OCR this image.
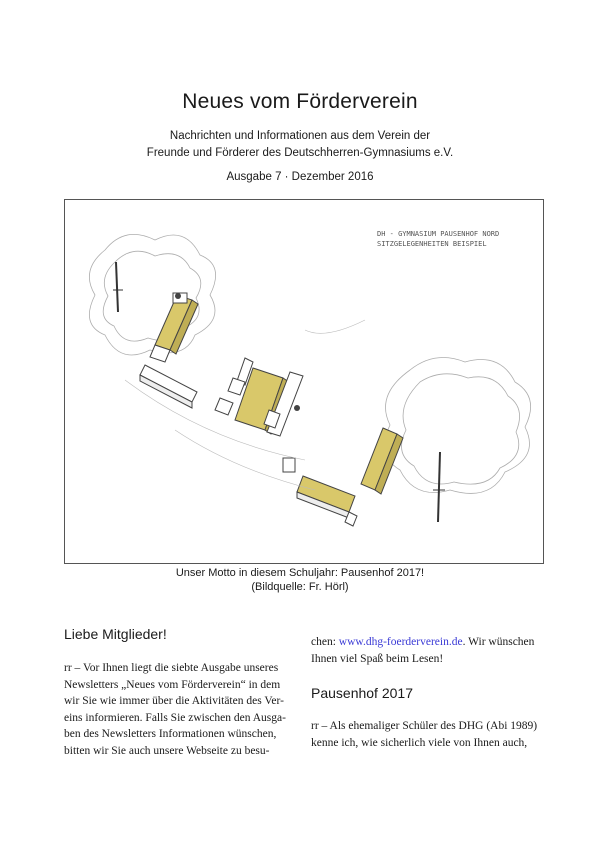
Neues vom Förderverein
Nachrichten und Informationen aus dem Verein der
Freunde und Förderer des Deutschherren-Gymnasiums e.V.
Ausgabe 7 · Dezember 2016
DH - GYMNASIUM PAUSENHOF NORD
SITZGELEGENHEITEN BEISPIEL
Unser Motto in diesem Schuljahr: Pausenhof 2017!
(Bildquelle: Fr. Hörl)
Liebe Mitglieder!

rr – Vor Ihnen liegt die siebte Ausgabe unseres
Newsletters „Neues vom Förderverein“ in dem
wir Sie wie immer über die Aktivitäten des Ver-
eins informieren. Falls Sie zwischen den Ausga-
ben des Newsletters Informationen wünschen,
bitten wir Sie auch unsere Webseite zu besu-

chen: www.dhg-foerderverein.de. Wir wünschen
Ihnen viel Spaß beim Lesen!

Pausenhof 2017

rr – Als ehemaliger Schüler des DHG (Abi 1989)
kenne ich, wie sicherlich viele von Ihnen auch,
